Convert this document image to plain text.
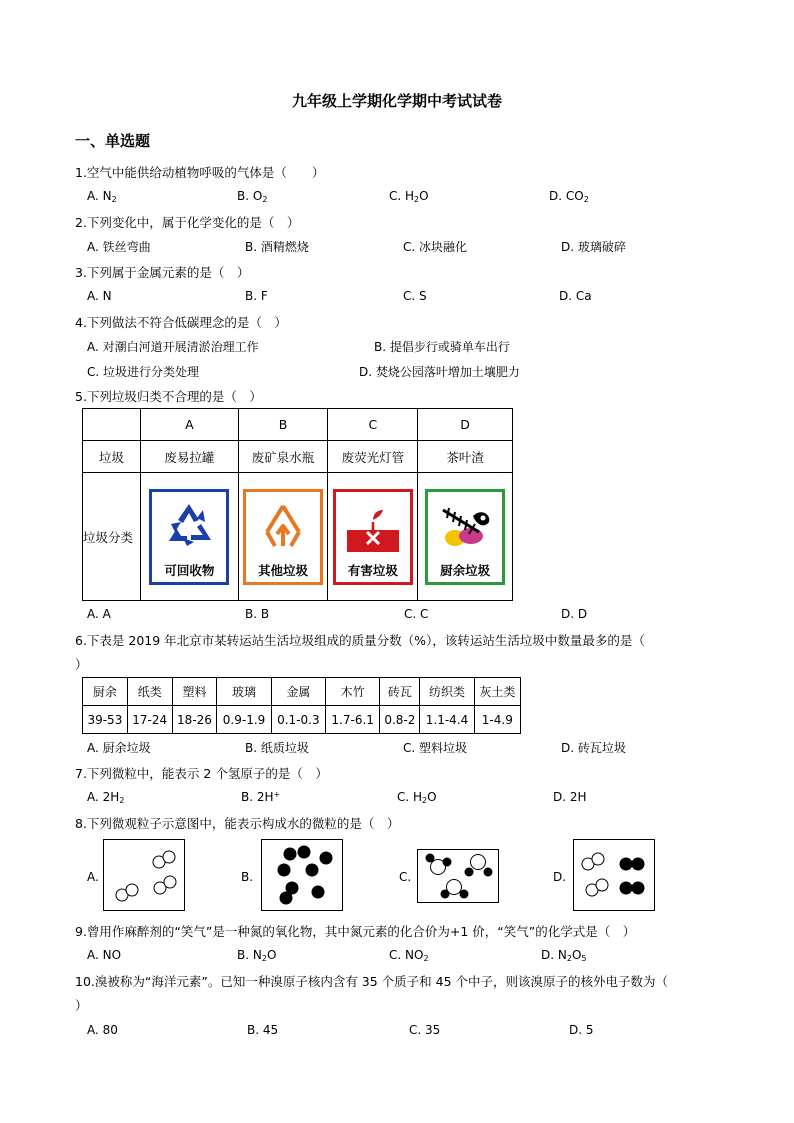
九年级上学期化学期中考试试卷
一、单选题
1.空气中能供给动植物呼吸的气体是（　　）
A. $N_2$	B. $O_2$	C. $H_2O$	D. $CO_2$
2.下列变化中，属于化学变化的是（　）
A. 铁丝弯曲	B. 酒精燃烧	C. 冰块融化	D. 玻璃破碎
3.下列属于金属元素的是（　）
A. N	B. F	C. S	D. Ca
4.下列做法不符合低碳理念的是（　）
A. 对潮白河道开展清淤治理工作	B. 提倡步行或骑单车出行
C. 垃圾进行分类处理	D. 焚烧公园落叶增加土壤肥力
5.下列垃圾归类不合理的是（　）
	A	B	C	D
垃圾	废易拉罐	废矿泉水瓶	废荧光灯管	茶叶渣
垃圾分类	可回收物	其他垃圾	有害垃圾	厨余垃圾
A. A	B. B	C. C	D. D
6.下表是 2019 年北京市某转运站生活垃圾组成的质量分数（%），该转运站生活垃圾中数量最多的是（
）
厨余	纸类	塑料	玻璃	金属	木竹	砖瓦	纺织类	灰土类
39-53	17-24	18-26	0.9-1.9	0.1-0.3	1.7-6.1	0.8-2	1.1-4.4	1-4.9
A. 厨余垃圾	B. 纸质垃圾	C. 塑料垃圾	D. 砖瓦垃圾
7.下列微粒中，能表示 2 个氢原子的是（　）
A. $2H_2$	B. 2H+	C. $H_2O$	D. 2H
8.下列微观粒子示意图中，能表示构成水的微粒的是（　）
A.	B.	C.	D.
9.曾用作麻醉剂的“笑气”是一种氮的氧化物，其中氮元素的化合价为+1 价，“笑气”的化学式是（　）
A. NO	B. $N_2O$	C. $NO_2$	D. $N_2O_5$
10.溴被称为“海洋元素”。已知一种溴原子核内含有 35 个质子和 45 个中子，则该溴原子的核外电子数为（
）
A. 80	B. 45	C. 35	D. 5
